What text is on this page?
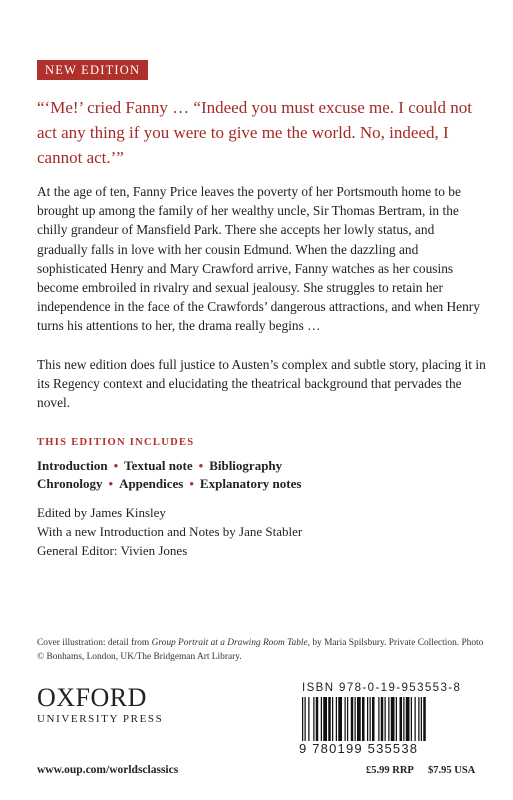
NEW EDITION
“‘Me!’ cried Fanny … “Indeed you must excuse me. I could not act any thing if you were to give me the world. No, indeed, I cannot act.’”
At the age of ten, Fanny Price leaves the poverty of her Portsmouth home to be brought up among the family of her wealthy uncle, Sir Thomas Bertram, in the chilly grandeur of Mansfield Park. There she accepts her lowly status, and gradually falls in love with her cousin Edmund. When the dazzling and sophisticated Henry and Mary Crawford arrive, Fanny watches as her cousins become embroiled in rivalry and sexual jealousy. She struggles to retain her independence in the face of the Crawfords’ dangerous attractions, and when Henry turns his attentions to her, the drama really begins …
This new edition does full justice to Austen’s complex and subtle story, placing it in its Regency context and elucidating the theatrical background that pervades the novel.
THIS EDITION INCLUDES
Introduction • Textual note • Bibliography
Chronology • Appendices • Explanatory notes
Edited by James Kinsley
With a new Introduction and Notes by Jane Stabler
General Editor: Vivien Jones
Cover illustration: detail from Group Portrait at a Drawing Room Table, by Maria Spilsbury. Private Collection. Photo © Bonhams, London, UK/The Bridgeman Art Library.
OXFORD
UNIVERSITY PRESS
www.oup.com/worldsclassics
ISBN 978-0-19-953553-8
9 780199 535538
£5.99 RRP $7.95 USA
